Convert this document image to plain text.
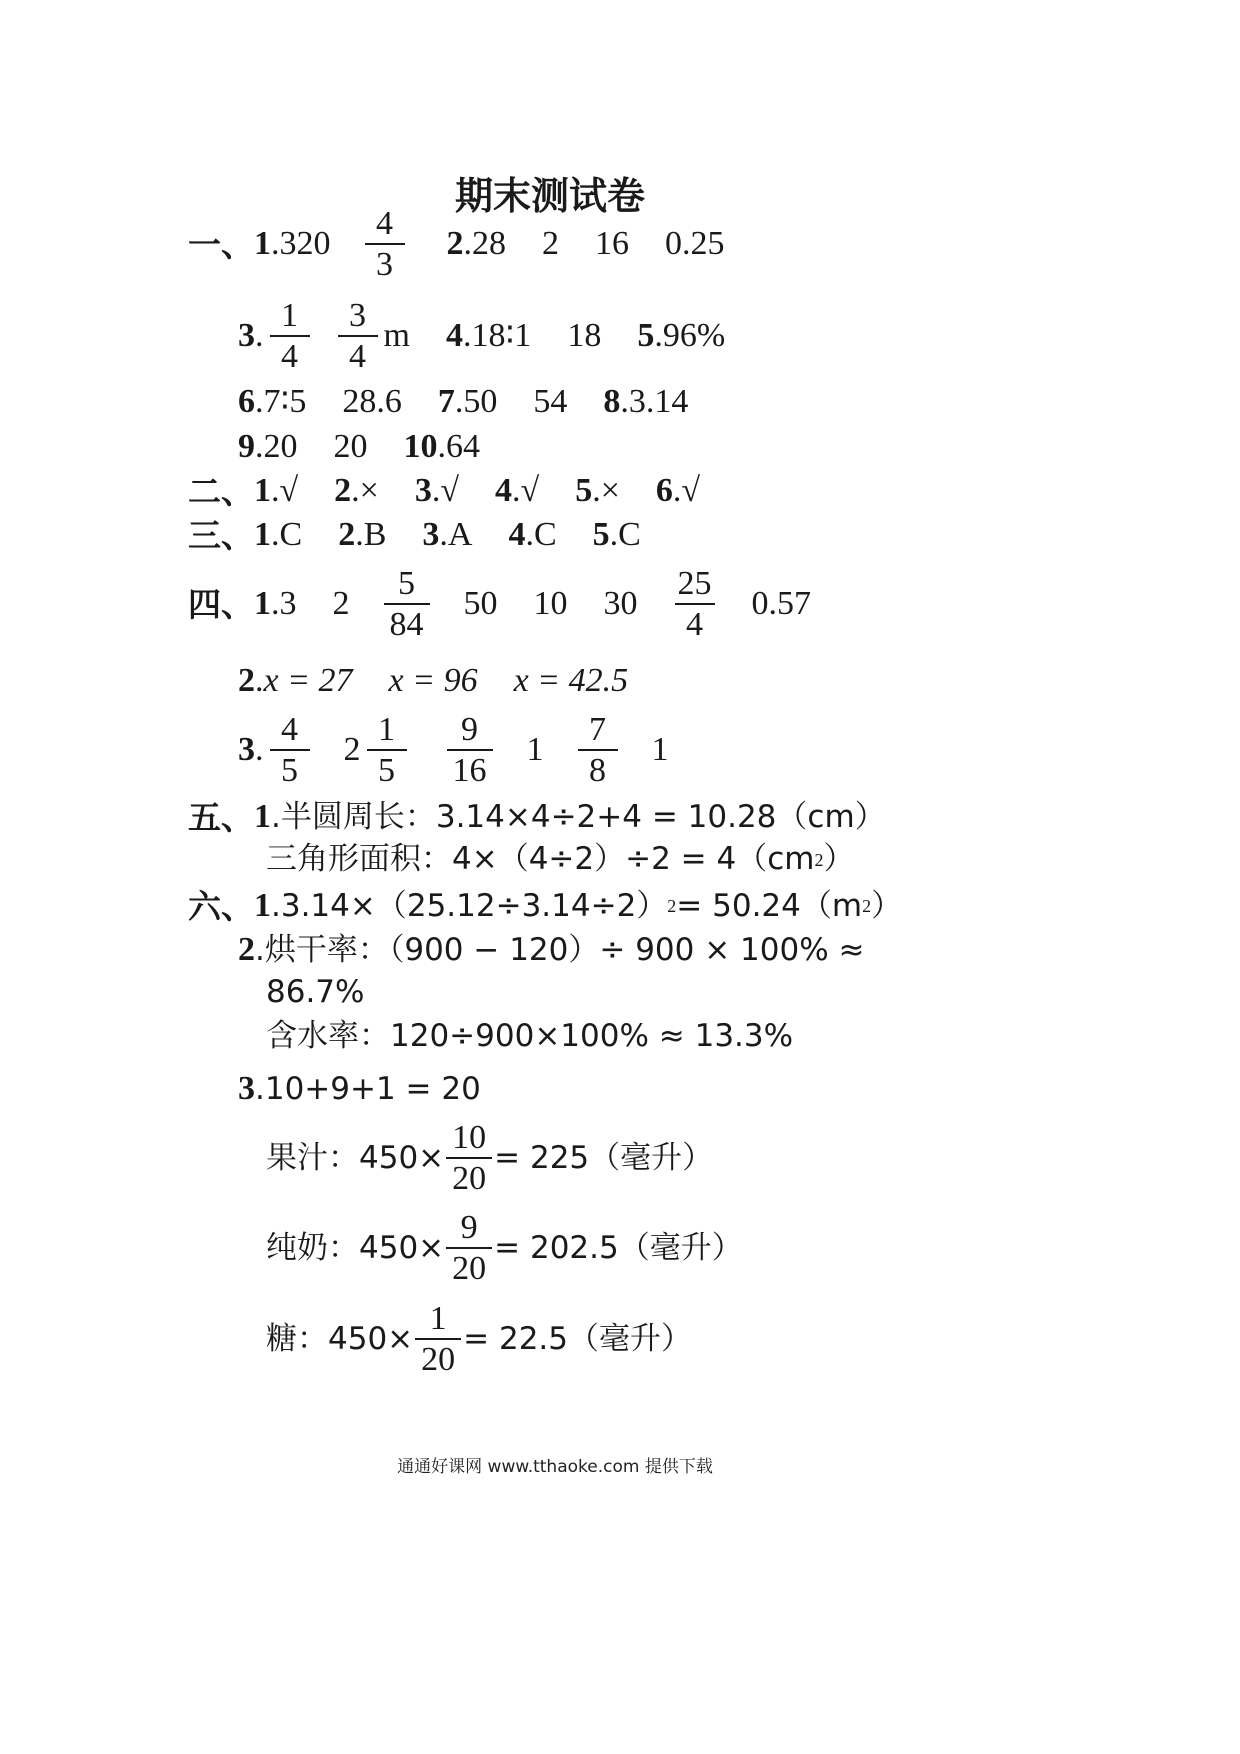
期末测试卷
一、 1 $.320 \frac{4}{3} 2$ .28 2 16 0.25
3 . $\frac{1}{4} \frac{3}{4}$ m 4 .18∶1 18 5 .96%
6 .7∶5 28.6 7 .50 54 8 .3.14
9 .20 20 10 .64
二、 1 .√ 2 .× 3 .√ 4 .√ 5 .× 6 .√
三、 1 .C 2 .B 3 .A 4 .C 5 .C
四、 1 .3 $2 \frac{5}{84} 50$ 10 $30 \frac{25}{4} 0.57$
2 . x = 27 x = 96 x = 42.5
3 . $\frac{4}{5} 2 \frac{1}{5} \frac{9}{16} 1 \frac{7}{8} 1$
五、 1 .半圆周长：3.14×4÷2+4 = 10.28（cm）
三角形面积：4×（4÷2）÷2 = 4（cm 2 ）
六、 1 .3.14×（25.12÷3.14÷2） 2 = 50.24（m 2 ）
2 .烘干率：（900 − 120）÷ 900 × 100% ≈
86.7%
含水率：120÷900×100% ≈ 13.3%
3 .10+9+1 = 20
果汁：$450\times \frac{10}{20} = 225$（毫升）
纯奶：$450\times \frac{9}{20} = 202.5$（毫升）
糖：$450\times \frac{1}{20} = 22.5$（毫升）
通通好课网 www.tthaoke.com 提供下载
